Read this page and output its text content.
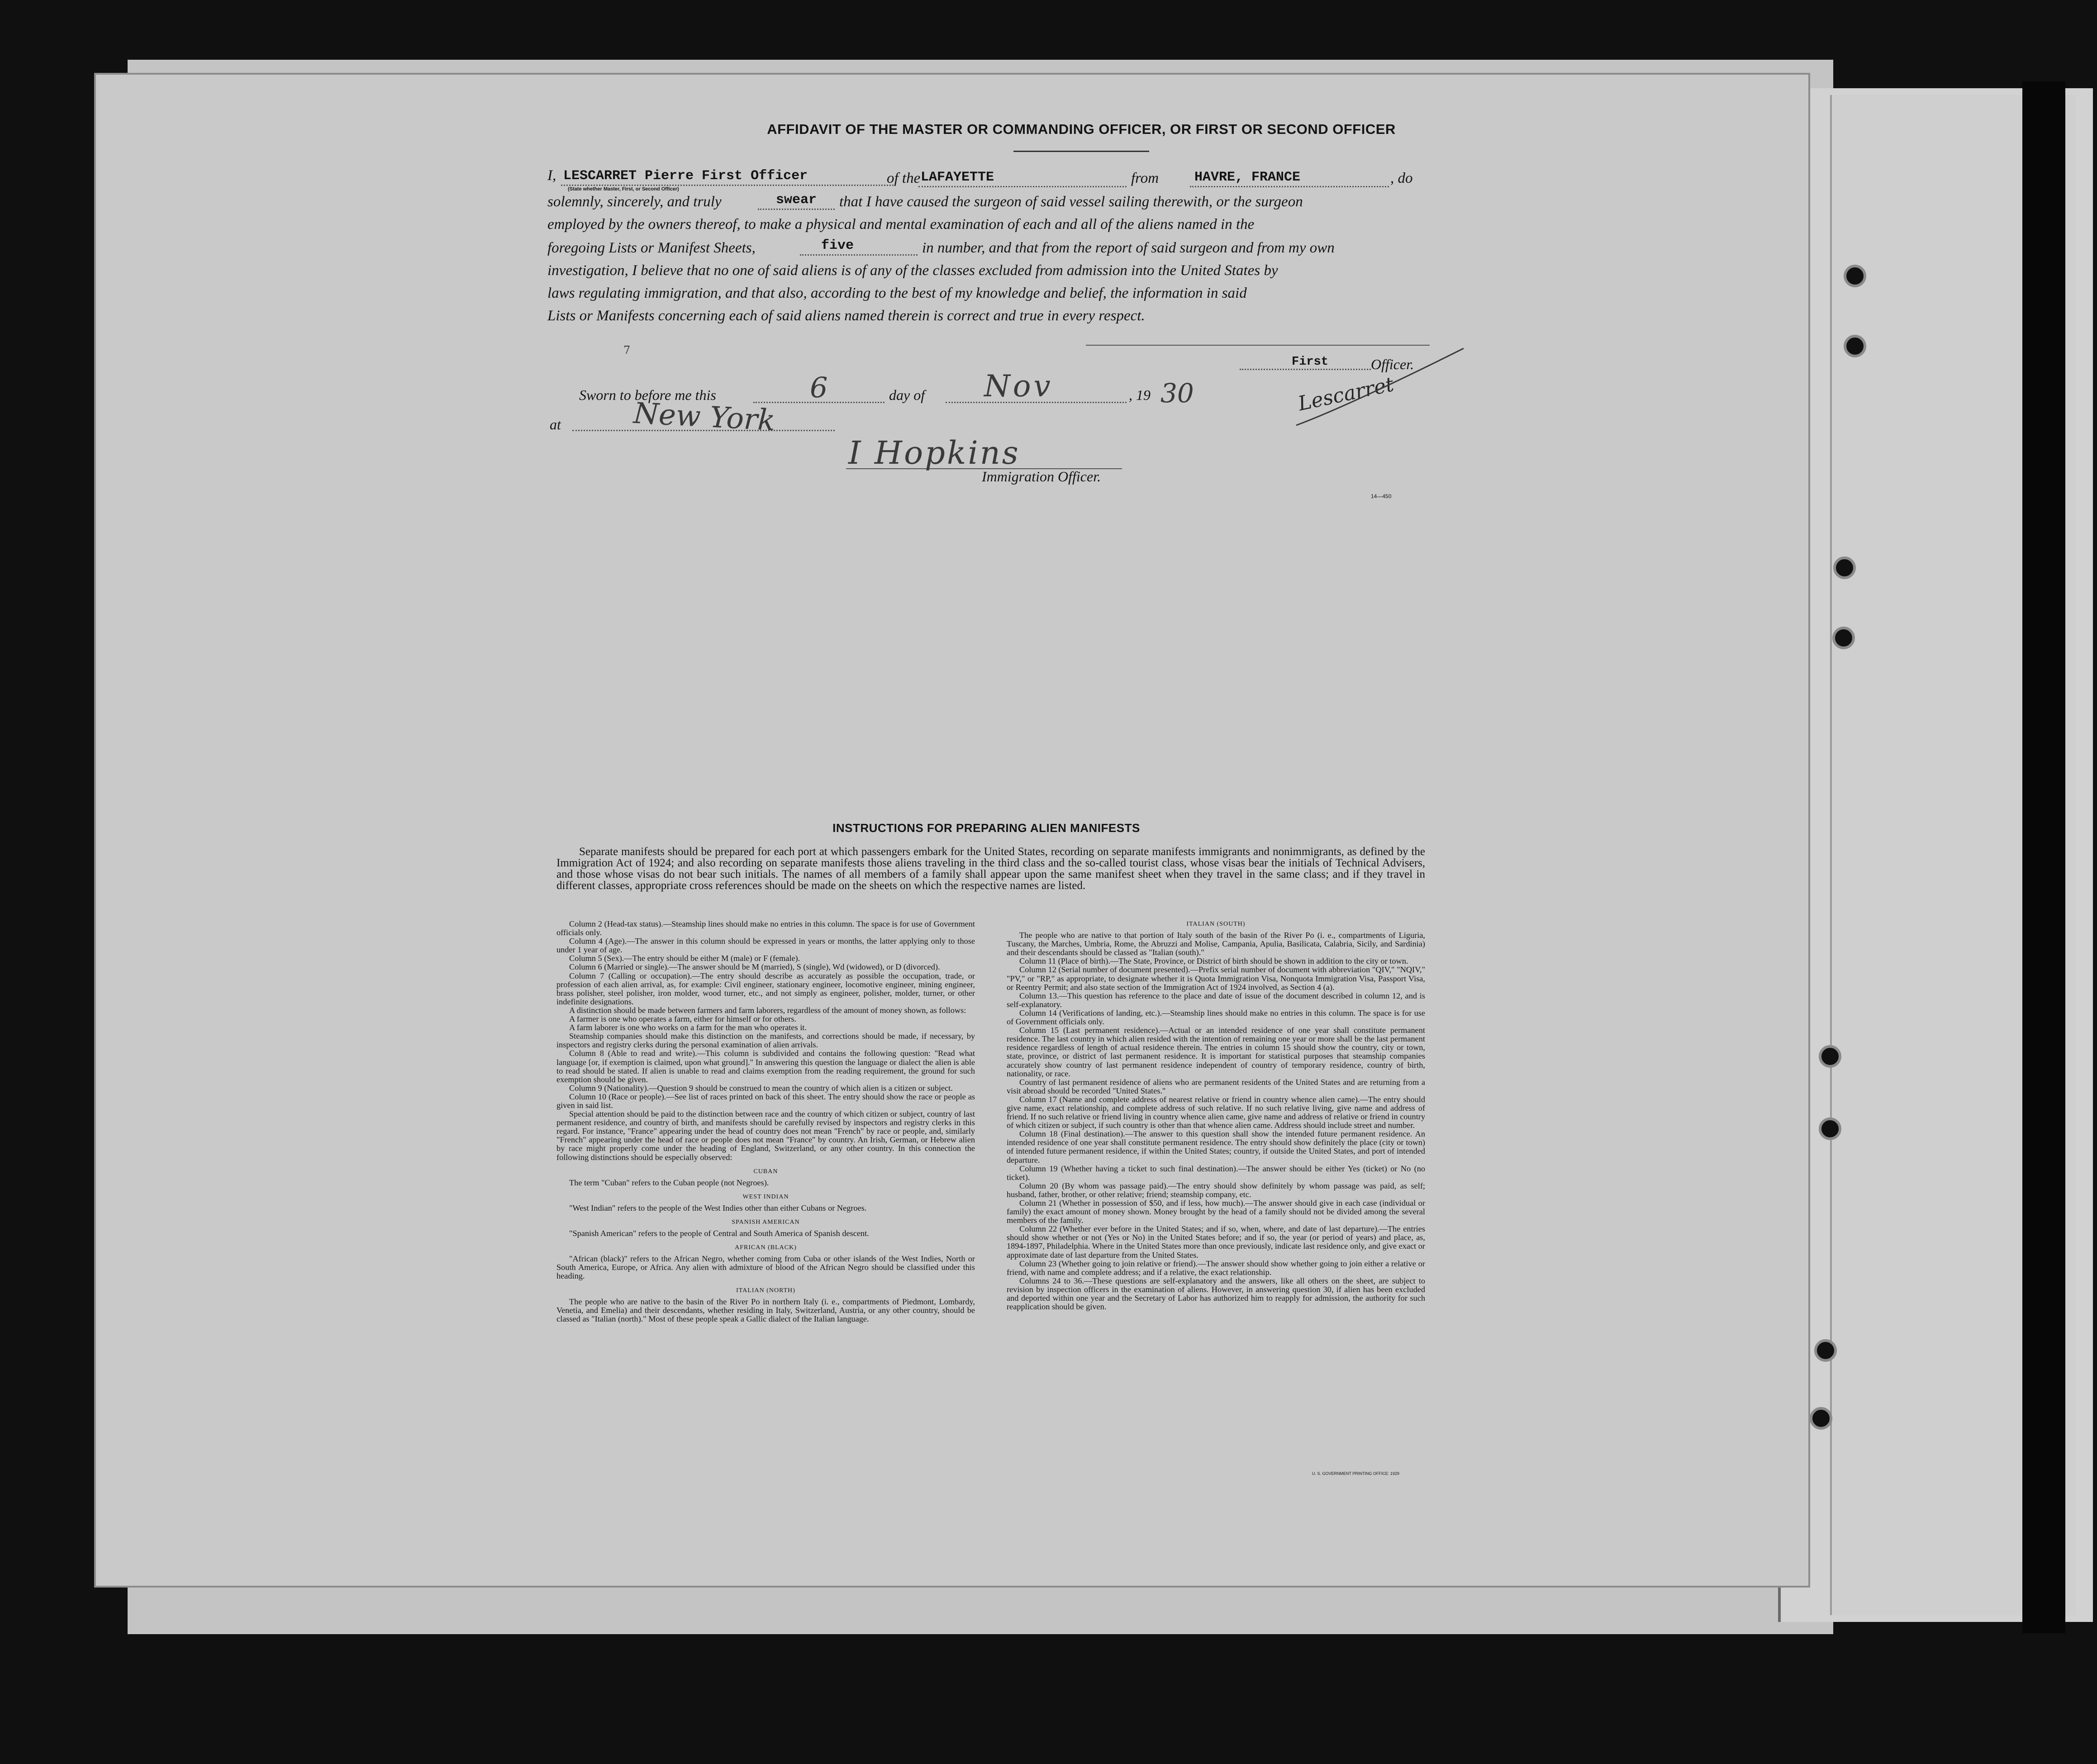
AFFIDAVIT OF THE MASTER OR COMMANDING OFFICER, OR FIRST OR SECOND OFFICER
I, LESCARRET Pierre First Officer	of the LAFAYETTE	from	HAVRE, FRANCE	, do
(State whether Master, First, or Second Officer)
solemnly, sincerely, and truly	swear that I have caused the surgeon of said vessel sailing therewith, or the surgeon
employed by the owners thereof, to make a physical and mental examination of each and all of the aliens named in the
foregoing Lists or Manifest Sheets,	five	in number, and that from the report of said surgeon and from my own
investigation, I believe that no one of said aliens is of any of the classes excluded from admission into the United States by
laws regulating immigration, and that also, according to the best of my knowledge and belief, the information in said
Lists or Manifests concerning each of said aliens named therein is correct and true in every respect.
7
First	Officer.
Lescarret
Sworn to before me this	6	day of Nov	, 19 30
at New York
I Hopkins
Immigration Officer.
14—450
INSTRUCTIONS FOR PREPARING ALIEN MANIFESTS
Separate manifests should be prepared for each port at which passengers embark for the United States, recording on separate manifests immigrants and nonimmigrants, as defined by the Immigration Act of 1924; and also recording on separate manifests those aliens traveling in the third class and the so-called tourist class, whose visas bear the initials of Technical Advisers, and those whose visas do not bear such initials. The names of all members of a family shall appear upon the same manifest sheet when they travel in the same class; and if they travel in different classes, appropriate cross references should be made on the sheets on which the respective names are listed.

Column 2 (Head-tax status).—Steamship lines should make no entries in this column. The space is for use of Government officials only.

Column 4 (Age).—The answer in this column should be expressed in years or months, the latter applying only to those under 1 year of age.

Column 5 (Sex).—The entry should be either M (male) or F (female).

Column 6 (Married or single).—The answer should be M (married), S (single), Wd (widowed), or D (divorced).

Column 7 (Calling or occupation).—The entry should describe as accurately as possible the occupation, trade, or profession of each alien arrival, as, for example: Civil engineer, stationary engineer, locomotive engineer, mining engineer, brass polisher, steel polisher, iron molder, wood turner, etc., and not simply as engineer, polisher, molder, turner, or other indefinite designations.

A distinction should be made between farmers and farm laborers, regardless of the amount of money shown, as follows:

A farmer is one who operates a farm, either for himself or for others.

A farm laborer is one who works on a farm for the man who operates it.

Steamship companies should make this distinction on the manifests, and corrections should be made, if necessary, by inspectors and registry clerks during the personal examination of alien arrivals.

Column 8 (Able to read and write).—This column is subdivided and contains the following question: "Read what language [or, if exemption is claimed, upon what ground]." In answering this question the language or dialect the alien is able to read should be stated. If alien is unable to read and claims exemption from the reading requirement, the ground for such exemption should be given.

Column 9 (Nationality).—Question 9 should be construed to mean the country of which alien is a citizen or subject.

Column 10 (Race or people).—See list of races printed on back of this sheet. The entry should show the race or people as given in said list.

Special attention should be paid to the distinction between race and the country of which citizen or subject, country of last permanent residence, and country of birth, and manifests should be carefully revised by inspectors and registry clerks in this regard. For instance, "France" appearing under the head of country does not mean "French" by race or people, and, similarly "French" appearing under the head of race or people does not mean "France" by country. An Irish, German, or Hebrew alien by race might properly come under the heading of England, Switzerland, or any other country. In this connection the following distinctions should be especially observed:

CUBAN

The term "Cuban" refers to the Cuban people (not Negroes).

WEST INDIAN

"West Indian" refers to the people of the West Indies other than either Cubans or Negroes.

SPANISH AMERICAN

"Spanish American" refers to the people of Central and South America of Spanish descent.

AFRICAN (BLACK)

"African (black)" refers to the African Negro, whether coming from Cuba or other islands of the West Indies, North or South America, Europe, or Africa. Any alien with admixture of blood of the African Negro should be classified under this heading.

ITALIAN (NORTH)

The people who are native to the basin of the River Po in northern Italy (i. e., compartments of Piedmont, Lombardy, Venetia, and Emelia) and their descendants, whether residing in Italy, Switzerland, Austria, or any other country, should be classed as "Italian (north)." Most of these people speak a Gallic dialect of the Italian language.

ITALIAN (SOUTH)

The people who are native to that portion of Italy south of the basin of the River Po (i. e., compartments of Liguria, Tuscany, the Marches, Umbria, Rome, the Abruzzi and Molise, Campania, Apulia, Basilicata, Calabria, Sicily, and Sardinia) and their descendants should be classed as "Italian (south)."

Column 11 (Place of birth).—The State, Province, or District of birth should be shown in addition to the city or town.

Column 12 (Serial number of document presented).—Prefix serial number of document with abbreviation "QIV," "NQIV," "PV," or "RP," as appropriate, to designate whether it is Quota Immigration Visa, Nonquota Immigration Visa, Passport Visa, or Reentry Permit; and also state section of the Immigration Act of 1924 involved, as Section 4 (a).

Column 13.—This question has reference to the place and date of issue of the document described in column 12, and is self-explanatory.

Column 14 (Verifications of landing, etc.).—Steamship lines should make no entries in this column. The space is for use of Government officials only.

Column 15 (Last permanent residence).—Actual or an intended residence of one year shall constitute permanent residence. The last country in which alien resided with the intention of remaining one year or more shall be the last permanent residence regardless of length of actual residence therein. The entries in column 15 should show the country, city or town, state, province, or district of last permanent residence. It is important for statistical purposes that steamship companies accurately show country of last permanent residence independent of country of temporary residence, country of birth, nationality, or race.

Country of last permanent residence of aliens who are permanent residents of the United States and are returning from a visit abroad should be recorded "United States."

Column 17 (Name and complete address of nearest relative or friend in country whence alien came).—The entry should give name, exact relationship, and complete address of such relative. If no such relative living, give name and address of friend. If no such relative or friend living in country whence alien came, give name and address of relative or friend in country of which citizen or subject, if such country is other than that whence alien came. Address should include street and number.

Column 18 (Final destination).—The answer to this question shall show the intended future permanent residence. An intended residence of one year shall constitute permanent residence. The entry should show definitely the place (city or town) of intended future permanent residence, if within the United States; country, if outside the United States, and port of intended departure.

Column 19 (Whether having a ticket to such final destination).—The answer should be either Yes (ticket) or No (no ticket).

Column 20 (By whom was passage paid).—The entry should show definitely by whom passage was paid, as self; husband, father, brother, or other relative; friend; steamship company, etc.

Column 21 (Whether in possession of $50, and if less, how much).—The answer should give in each case (individual or family) the exact amount of money shown. Money brought by the head of a family should not be divided among the several members of the family.

Column 22 (Whether ever before in the United States; and if so, when, where, and date of last departure).—The entries should show whether or not (Yes or No) in the United States before; and if so, the year (or period of years) and place, as, 1894-1897, Philadelphia. Where in the United States more than once previously, indicate last residence only, and give exact or approximate date of last departure from the United States.

Column 23 (Whether going to join relative or friend).—The answer should show whether going to join either a relative or friend, with name and complete address; and if a relative, the exact relationship.

Columns 24 to 36.—These questions are self-explanatory and the answers, like all others on the sheet, are subject to revision by inspection officers in the examination of aliens. However, in answering question 30, if alien has been excluded and deported within one year and the Secretary of Labor has authorized him to reapply for admission, the authority for such reapplication should be given.

U. S. GOVERNMENT PRINTING OFFICE: 1929
